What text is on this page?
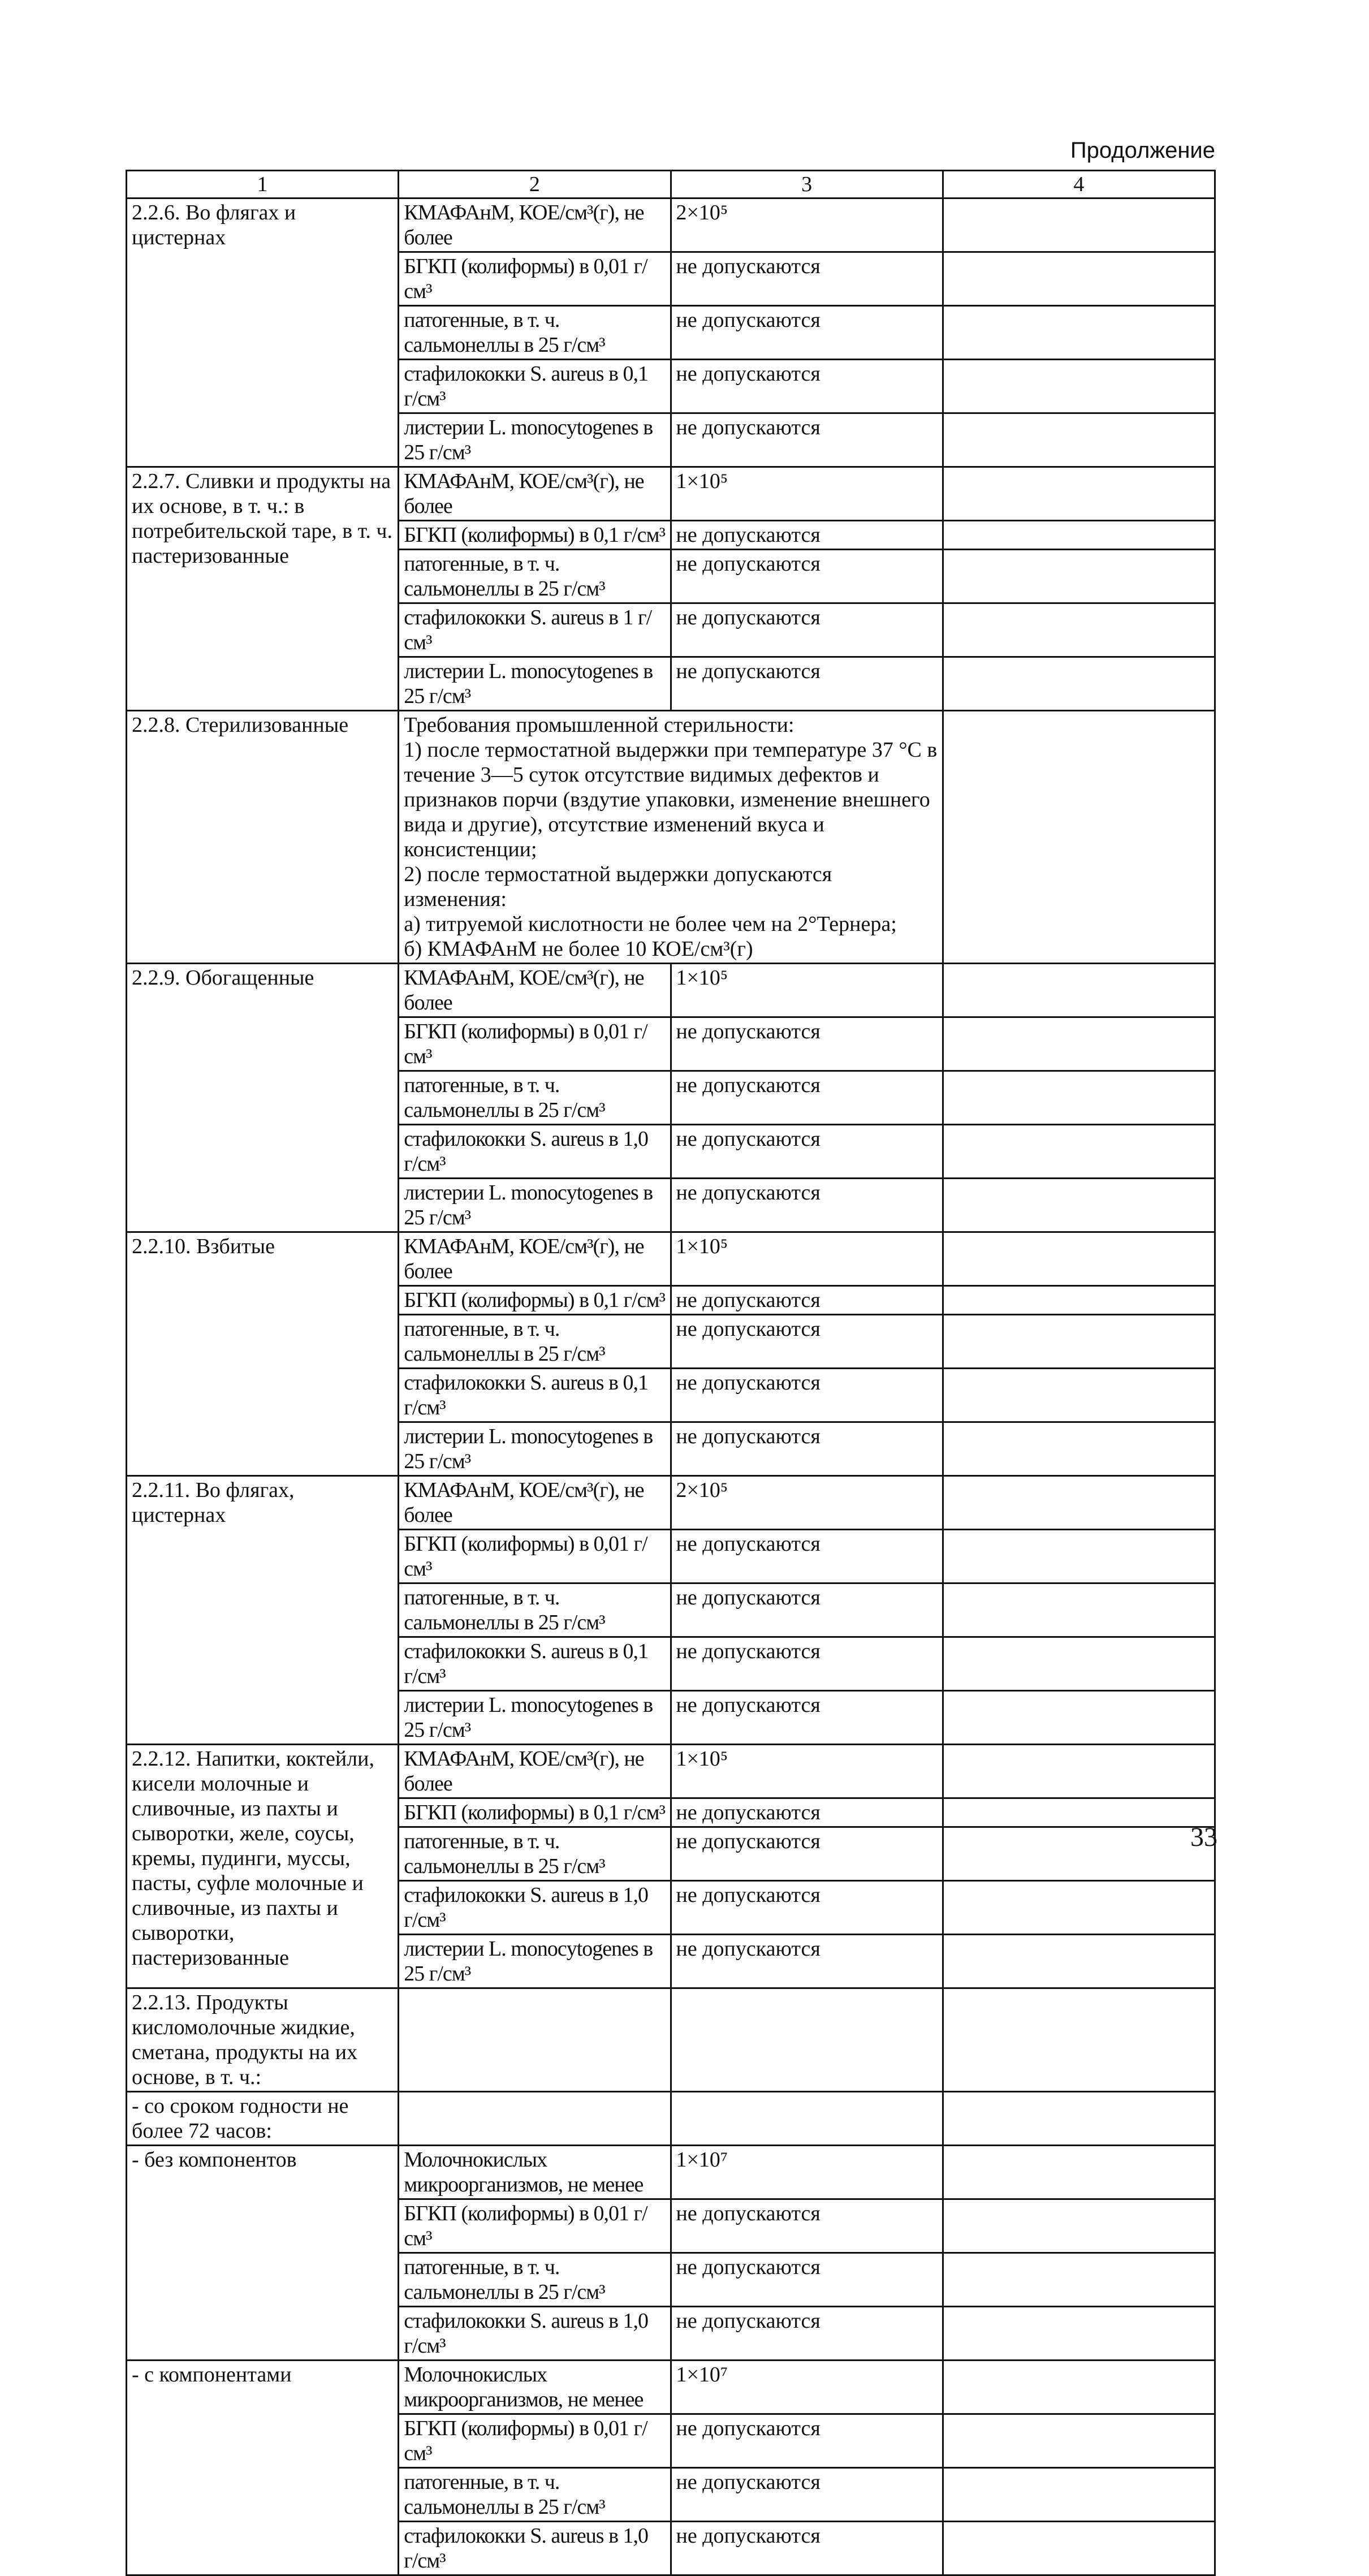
Продолжение
1	2	3	4
2.2.6. Во флягах и цистернах	КМАФАнМ, КОЕ/см³(г), не более	2×10⁵	
	БГКП (колиформы) в 0,01 г/см³	не допускаются	
	патогенные, в т. ч. сальмонеллы в 25 г/см³	не допускаются	
	стафилококки S. aureus в 0,1 г/см³	не допускаются	
	листерии L. monocytogenes в 25 г/см³	не допускаются	
2.2.7. Сливки и продукты на их основе, в т. ч.: в потребительской таре, в т. ч. пастеризованные	КМАФАнМ, КОЕ/см³(г), не более	1×10⁵	
	БГКП (колиформы) в 0,1 г/см³	не допускаются	
	патогенные, в т. ч. сальмонеллы в 25 г/см³	не допускаются	
	стафилококки S. aureus в 1 г/см³	не допускаются	
	листерии L. monocytogenes в 25 г/см³	не допускаются	
2.2.8. Стерилизованные	Требования промышленной стерильности:
1) после термостатной выдержки при температуре 37 °С в течение 3—5 суток отсутствие видимых дефектов и признаков порчи (вздутие упаковки, изменение внешнего вида и другие), отсутствие изменений вкуса и консистенции;
2) после термостатной выдержки допускаются изменения:
а) титруемой кислотности не более чем на 2°Тернера;
б) КМАФАнМ не более 10 КОЕ/см³(г)		
2.2.9. Обогащенные	КМАФАнМ, КОЕ/см³(г), не более	1×10⁵	
	БГКП (колиформы) в 0,01 г/см³	не допускаются	
	патогенные, в т. ч. сальмонеллы в 25 г/см³	не допускаются	
	стафилококки S. aureus в 1,0 г/см³	не допускаются	
	листерии L. monocytogenes в 25 г/см³	не допускаются	
2.2.10. Взбитые	КМАФАнМ, КОЕ/см³(г), не более	1×10⁵	
	БГКП (колиформы) в 0,1 г/см³	не допускаются	
	патогенные, в т. ч. сальмонеллы в 25 г/см³	не допускаются	
	стафилококки S. aureus в 0,1 г/см³	не допускаются	
	листерии L. monocytogenes в 25 г/см³	не допускаются	
2.2.11. Во флягах, цистернах	КМАФАнМ, КОЕ/см³(г), не более	2×10⁵	
	БГКП (колиформы) в 0,01 г/см³	не допускаются	
	патогенные, в т. ч. сальмонеллы в 25 г/см³	не допускаются	
	стафилококки S. aureus в 0,1 г/см³	не допускаются	
	листерии L. monocytogenes в 25 г/см³	не допускаются	
2.2.12. Напитки, коктейли, кисели молочные и сливочные, из пахты и сыворотки, желе, соусы, кремы, пудинги, муссы, пасты, суфле молочные и сливочные, из пахты и сыворотки, пастеризованные	КМАФАнМ, КОЕ/см³(г), не более	1×10⁵	
	БГКП (колиформы) в 0,1 г/см³	не допускаются	
	патогенные, в т. ч. сальмонеллы в 25 г/см³	не допускаются	
	стафилококки S. aureus в 1,0 г/см³	не допускаются	
	листерии L. monocytogenes в 25 г/см³	не допускаются	
2.2.13. Продукты кисломолочные жидкие, сметана, продукты на их основе, в т. ч.:			
- со сроком годности не более 72 часов:			
- без компонентов	Молочнокислых микроорганизмов, не менее	1×10⁷	
	БГКП (колиформы) в 0,01 г/см³	не допускаются	
	патогенные, в т. ч. сальмонеллы в 25 г/см³	не допускаются	
	стафилококки S. aureus в 1,0 г/см³	не допускаются	
- с компонентами	Молочнокислых микроорганизмов, не менее	1×10⁷	
	БГКП (колиформы) в 0,01 г/см³	не допускаются	
	патогенные, в т. ч. сальмонеллы в 25 г/см³	не допускаются	
	стафилококки S. aureus в 1,0 г/см³	не допускаются	
33
